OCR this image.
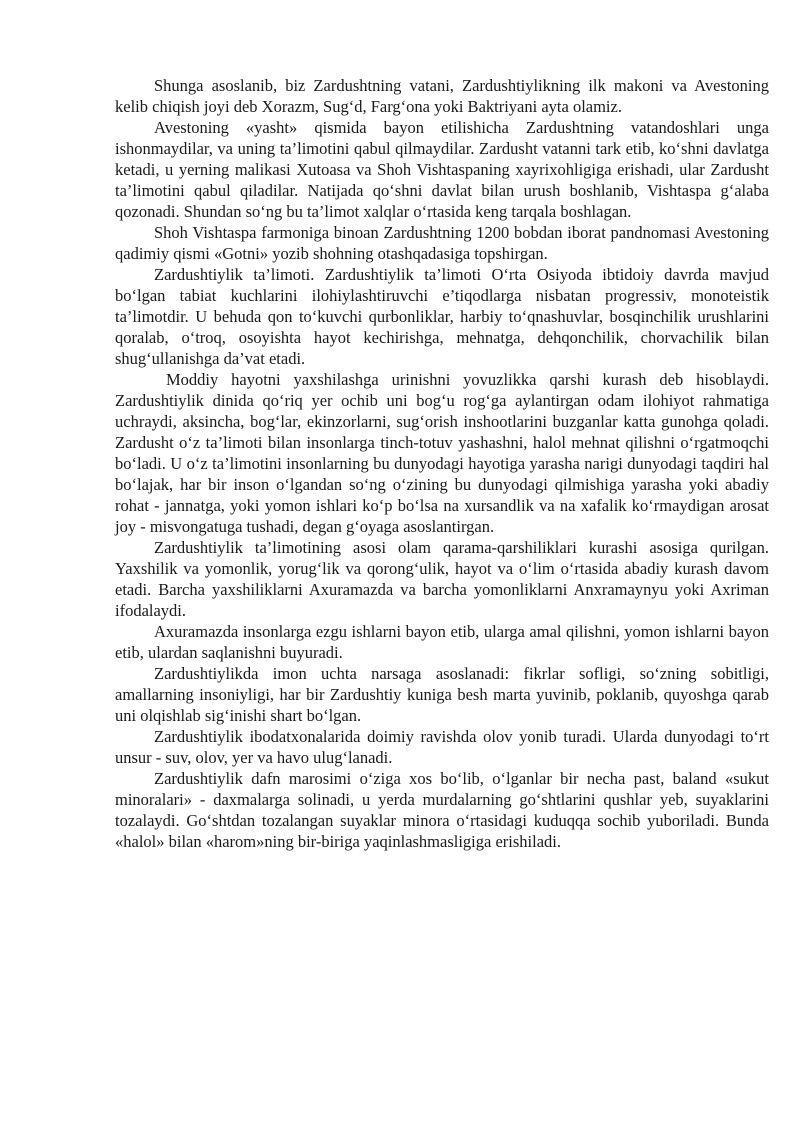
Shunga asoslanib, biz Zardushtning vatani, Zardushtiylikning ilk makoni va Avestoning kelib chiqish joyi deb Xorazm, Sug‘d, Farg‘ona yoki Baktriyani ayta olamiz.

Avestoning «yasht» qismida bayon etilishicha Zardushtning vatandoshlari unga ishonmaydilar, va uning ta’limotini qabul qilmaydilar. Zardusht vatanni tark etib, ko‘shni davlatga ketadi, u yerning malikasi Xutoasa va Shoh Vishtaspaning xayrixohligiga erishadi, ular Zardusht ta’limotini qabul qiladilar. Natijada qo‘shni davlat bilan urush boshlanib, Vishtaspa g‘alaba qozonadi. Shundan so‘ng bu ta’limot xalqlar o‘rtasida keng tarqala boshlagan.

Shoh Vishtaspa farmoniga binoan Zardushtning 1200 bobdan iborat pandnomasi Avestoning qadimiy qismi «Gotni» yozib shohning otashqadasiga topshirgan.

Zardushtiylik ta’limoti. Zardushtiylik ta’limoti O‘rta Osiyoda ibtidoiy davrda mavjud bo‘lgan tabiat kuchlarini ilohiylashtiruvchi e’tiqodlarga nisbatan progressiv, monoteistik ta’limotdir. U behuda qon to‘kuvchi qurbonliklar, harbiy to‘qnashuvlar, bosqinchilik urushlarini qoralab, o‘troq, osoyishta hayot kechirishga, mehnatga, dehqonchilik, chorvachilik bilan shug‘ullanishga da’vat etadi.

Moddiy hayotni yaxshilashga urinishni yovuzlikka qarshi kurash deb hisoblaydi. Zardushtiylik dinida qo‘riq yer ochib uni bog‘u rog‘ga aylantirgan odam ilohiyot rahmatiga uchraydi, aksincha, bog‘lar, ekinzorlarni, sug‘orish inshootlarini buzganlar katta gunohga qoladi. Zardusht o‘z ta’limoti bilan insonlarga tinch-totuv yashashni, halol mehnat qilishni o‘rgatmoqchi bo‘ladi. U o‘z ta’limotini insonlarning bu dunyodagi hayotiga yarasha narigi dunyodagi taqdiri hal bo‘lajak, har bir inson o‘lgandan so‘ng o‘zining bu dunyodagi qilmishiga yarasha yoki abadiy rohat - jannatga, yoki yomon ishlari ko‘p bo‘lsa na xursandlik va na xafalik ko‘rmaydigan arosat joy - misvongatuga tushadi, degan g‘oyaga asoslantirgan.

Zardushtiylik ta’limotining asosi olam qarama-qarshiliklari kurashi asosiga qurilgan. Yaxshilik va yomonlik, yorug‘lik va qorong‘ulik, hayot va o‘lim o‘rtasida abadiy kurash davom etadi. Barcha yaxshiliklarni Axuramazda va barcha yomonliklarni Anxramaynyu yoki Axriman ifodalaydi.

Axuramazda insonlarga ezgu ishlarni bayon etib, ularga amal qilishni, yomon ishlarni bayon etib, ulardan saqlanishni buyuradi.

Zardushtiylikda imon uchta narsaga asoslanadi: fikrlar sofligi, so‘zning sobitligi, amallarning insoniyligi, har bir Zardushtiy kuniga besh marta yuvinib, poklanib, quyoshga qarab uni olqishlab sig‘inishi shart bo‘lgan.

Zardushtiylik ibodatxonalarida doimiy ravishda olov yonib turadi. Ularda dunyodagi to‘rt unsur - suv, olov, yer va havo ulug‘lanadi.

Zardushtiylik dafn marosimi o‘ziga xos bo‘lib, o‘lganlar bir necha past, baland «sukut minoralari» - daxmalarga solinadi, u yerda murdalarning go‘shtlarini qushlar yeb, suyaklarini tozalaydi. Go‘shtdan tozalangan suyaklar minora o‘rtasidagi kuduqqa sochib yuboriladi. Bunda «halol» bilan «harom»ning bir-biriga yaqinlashmasligiga erishiladi.
